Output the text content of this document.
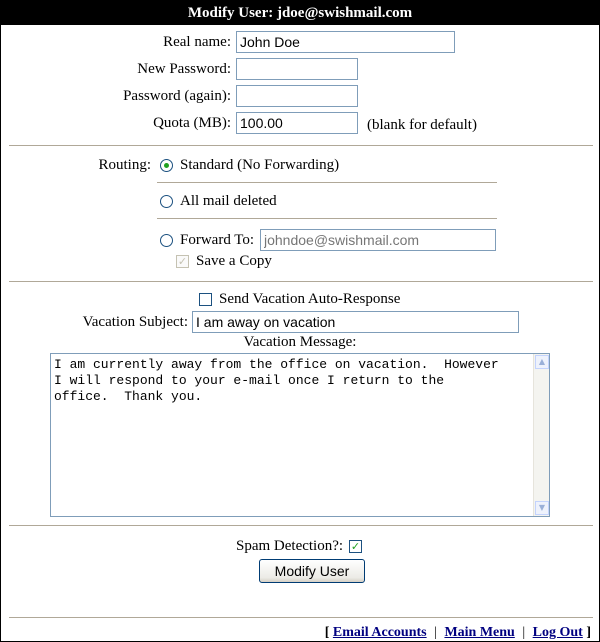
Modify User: jdoe@swishmail.com
Real name:
John Doe
New Password:
Password (again):
Quota (MB):
100.00	(blank for default)
Routing: Standard (No Forwarding)
All mail deleted
Forward To:
johndoe@swishmail.com
✓ Save a Copy
Send Vacation Auto-Response
Vacation Subject:
I am away on vacation
Vacation Message:
I am currently away from the office on vacation. However I will respond to your e-mail once I return to the office. Thank you.
▲
▼
Spam Detection?: ✓
Modify User
[ Email Accounts | Main Menu | Log Out ]
